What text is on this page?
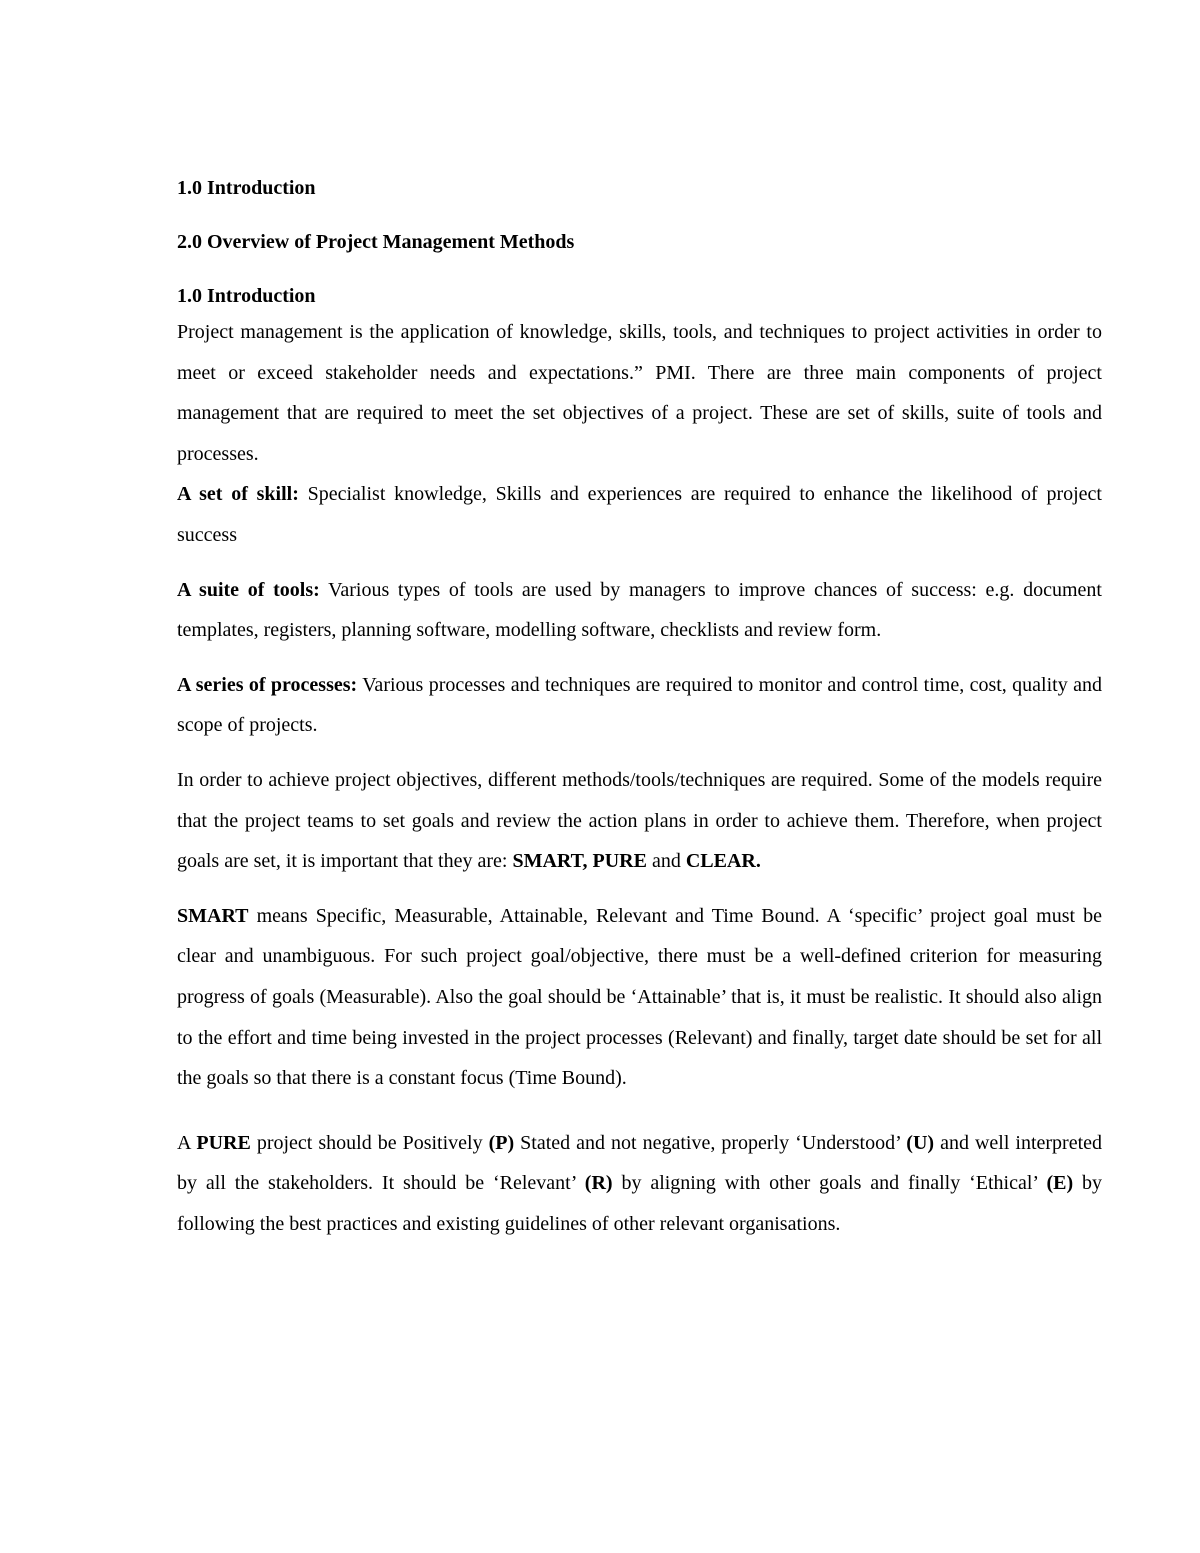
1.0 Introduction
2.0 Overview of Project Management Methods
1.0 Introduction

Project management is the application of knowledge, skills, tools, and techniques to project activities in order to meet or exceed stakeholder needs and expectations.” PMI. There are three main components of project management that are required to meet the set objectives of a project. These are set of skills, suite of tools and processes.

A set of skill: Specialist knowledge, Skills and experiences are required to enhance the likelihood of project success

A suite of tools: Various types of tools are used by managers to improve chances of success: e.g. document templates, registers, planning software, modelling software, checklists and review form.

A series of processes: Various processes and techniques are required to monitor and control time, cost, quality and scope of projects.

In order to achieve project objectives, different methods/tools/techniques are required. Some of the models require that the project teams to set goals and review the action plans in order to achieve them. Therefore, when project goals are set, it is important that they are: SMART, PURE and CLEAR.

SMART means Specific, Measurable, Attainable, Relevant and Time Bound. A ‘specific’ project goal must be clear and unambiguous. For such project goal/objective, there must be a well-defined criterion for measuring progress of goals (Measurable). Also the goal should be ‘Attainable’ that is, it must be realistic. It should also align to the effort and time being invested in the project processes (Relevant) and finally, target date should be set for all the goals so that there is a constant focus (Time Bound).

A PURE project should be Positively (P) Stated and not negative, properly ‘Understood’ (U) and well interpreted by all the stakeholders. It should be ‘Relevant’ (R) by aligning with other goals and finally ‘Ethical’ (E) by following the best practices and existing guidelines of other relevant organisations.
